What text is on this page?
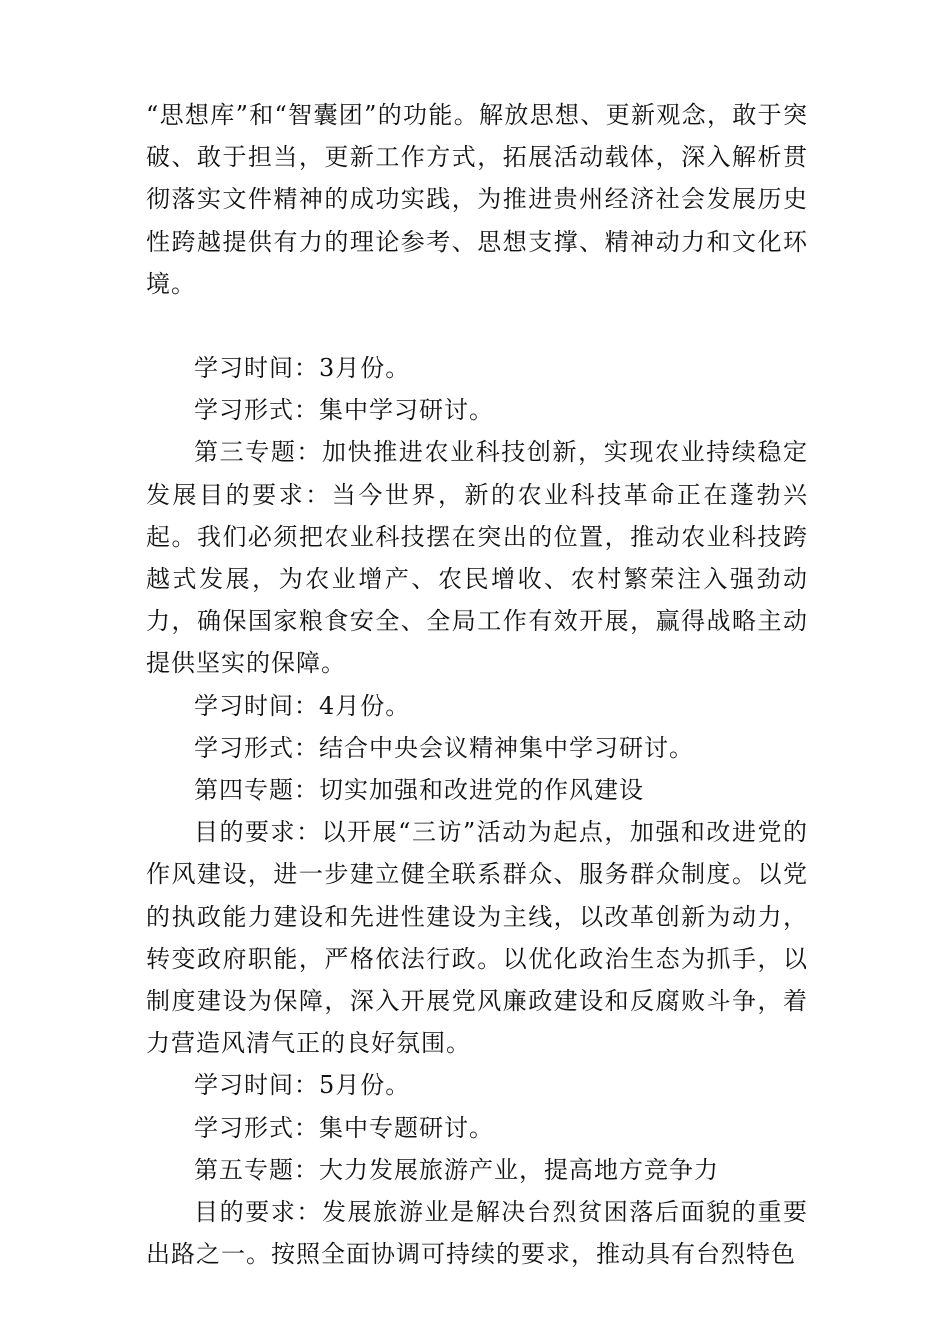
“思想库”和“智囊团”的功能。解放思想、更新观念，敢于突破、敢于担当，更新工作方式，拓展活动载体，深入解析贯彻落实文件精神的成功实践，为推进贵州经济社会发展历史性跨越提供有力的理论参考、思想支撑、精神动力和文化环境。

学习时间：3月份。

学习形式：集中学习研讨。

第三专题：加快推进农业科技创新，实现农业持续稳定发展目的要求：当今世界，新的农业科技革命正在蓬勃兴起。我们必须把农业科技摆在突出的位置，推动农业科技跨越式发展，为农业增产、农民增收、农村繁荣注入强劲动力，确保国家粮食安全、全局工作有效开展，赢得战略主动提供坚实的保障。

学习时间：4月份。

学习形式：结合中央会议精神集中学习研讨。

第四专题：切实加强和改进党的作风建设

目的要求：以开展“三访”活动为起点，加强和改进党的作风建设，进一步建立健全联系群众、服务群众制度。以党的执政能力建设和先进性建设为主线，以改革创新为动力，转变政府职能，严格依法行政。以优化政治生态为抓手，以制度建设为保障，深入开展党风廉政建设和反腐败斗争，着力营造风清气正的良好氛围。

学习时间：5月份。

学习形式：集中专题研讨。

第五专题：大力发展旅游产业，提高地方竞争力

目的要求：发展旅游业是解决台烈贫困落后面貌的重要出路之一。按照全面协调可持续的要求，推动具有台烈特色
